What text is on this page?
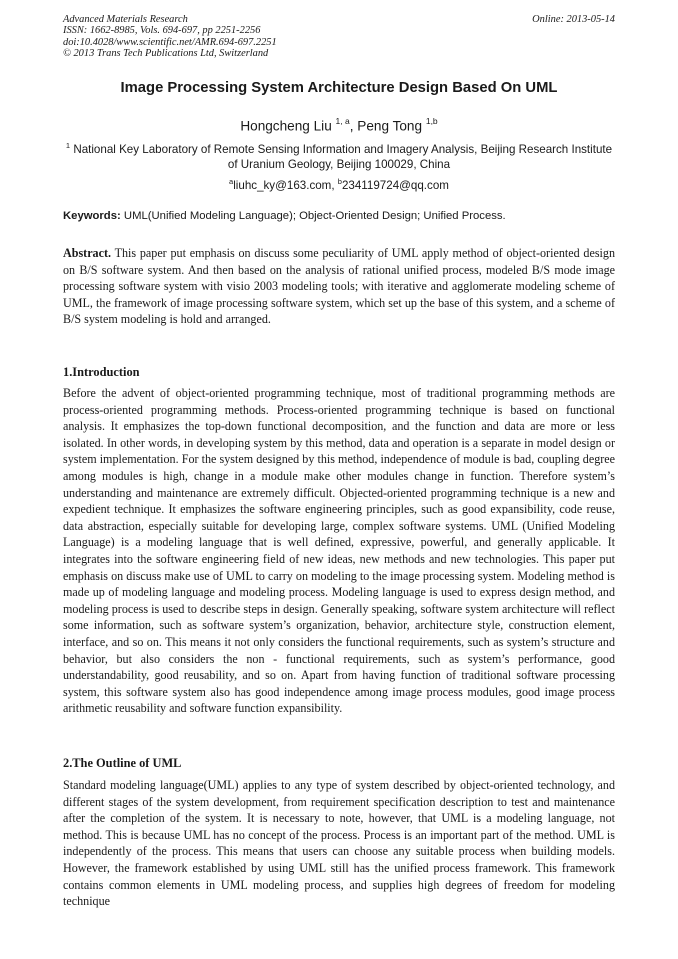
Advanced Materials Research
ISSN: 1662-8985, Vols. 694-697, pp 2251-2256
doi:10.4028/www.scientific.net/AMR.694-697.2251
© 2013 Trans Tech Publications Ltd, Switzerland
Online: 2013-05-14
Image Processing System Architecture Design Based On UML
Hongcheng Liu $^{1, a}$, Peng Tong $^{1,b}$
$^1$ National Key Laboratory of Remote Sensing Information and Imagery Analysis, Beijing Research Institute of Uranium Geology, Beijing 100029, China
$^a$liuhc_ky@163.com, $^b$234119724@qq.com
Keywords: UML(Unified Modeling Language); Object-Oriented Design; Unified Process.
Abstract. This paper put emphasis on discuss some peculiarity of UML apply method of object-oriented design on B/S software system. And then based on the analysis of rational unified process, modeled B/S mode image processing software system with visio 2003 modeling tools; with iterative and agglomerate modeling scheme of UML, the framework of image processing software system, which set up the base of this system, and a scheme of B/S system modeling is hold and arranged.
1.Introduction
Before the advent of object-oriented programming technique, most of traditional programming methods are process-oriented programming methods. Process-oriented programming technique is based on functional analysis. It emphasizes the top-down functional decomposition, and the function and data are more or less isolated. In other words, in developing system by this method, data and operation is a separate in model design or system implementation. For the system designed by this method, independence of module is bad, coupling degree among modules is high, change in a module make other modules change in function. Therefore system’s understanding and maintenance are extremely difficult. Objected-oriented programming technique is a new and expedient technique. It emphasizes the software engineering principles, such as good expansibility, code reuse, data abstraction, especially suitable for developing large, complex software systems. UML (Unified Modeling Language) is a modeling language that is well defined, expressive, powerful, and generally applicable. It integrates into the software engineering field of new ideas, new methods and new technologies. This paper put emphasis on discuss make use of UML to carry on modeling to the image processing system. Modeling method is made up of modeling language and modeling process. Modeling language is used to express design method, and modeling process is used to describe steps in design. Generally speaking, software system architecture will reflect some information, such as software system’s organization, behavior, architecture style, construction element, interface, and so on. This means it not only considers the functional requirements, such as system’s structure and behavior, but also considers the non - functional requirements, such as system’s performance, good understandability, good reusability, and so on. Apart from having function of traditional software processing system, this software system also has good independence among image process modules, good image process arithmetic reusability and software function expansibility.
2.The Outline of UML
Standard modeling language(UML) applies to any type of system described by object-oriented technology, and different stages of the system development, from requirement specification description to test and maintenance after the completion of the system. It is necessary to note, however, that UML is a modeling language, not method. This is because UML has no concept of the process. Process is an important part of the method. UML is independently of the process. This means that users can choose any suitable process when building models. However, the framework established by using UML still has the unified process framework. This framework contains common elements in UML modeling process, and supplies high degrees of freedom for modeling technique
